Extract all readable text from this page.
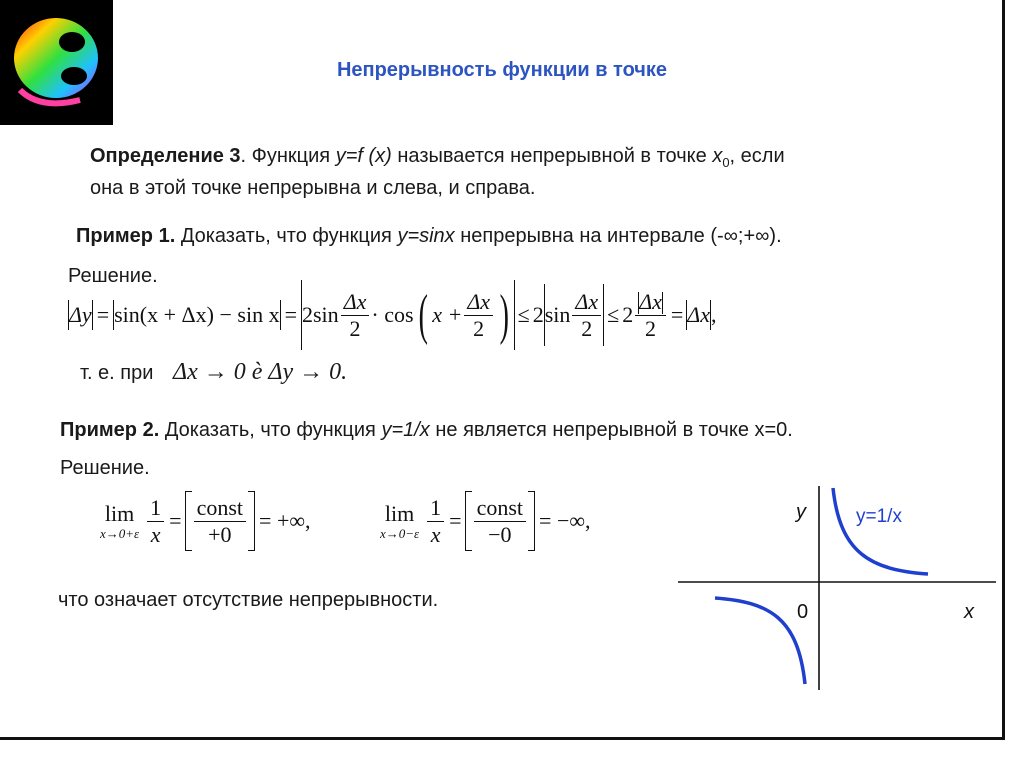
Непрерывность функции в точке
Определение 3. Функция y=f (x) называется непрерывной в точке $x_0$, если
она в этой точке непрерывна и слева, и справа.
Пример 1. Доказать, что функция y=sinx непрерывна на интервале (-∞;+∞).
Решение.
$\Delta y = \sin(x + \Delta x) - \sin x = 2\sin \frac{\Delta x}{2} \cdot \cos$ ( $x + \frac{\Delta x}{2}$ ) ≤ 2 $\sin \frac{\Delta x}{2} \le 2 \frac{\Delta x}{2} = \Delta x$ ,
т. е. при Δx → 0 è Δy → 0.
Пример 2. Доказать, что функция y=1/x не является непрерывной в точке x=0.
Решение.
lim
$x\to 0+\varepsilon \frac{1}{x} = \frac{\text{const}}{+0}$ = +∞,	lim
$x\to 0-\varepsilon \frac{1}{x} = \frac{\text{const}}{-0}$ = −∞,
что означает отсутствие непрерывности.
y
x
0
y=1/x
